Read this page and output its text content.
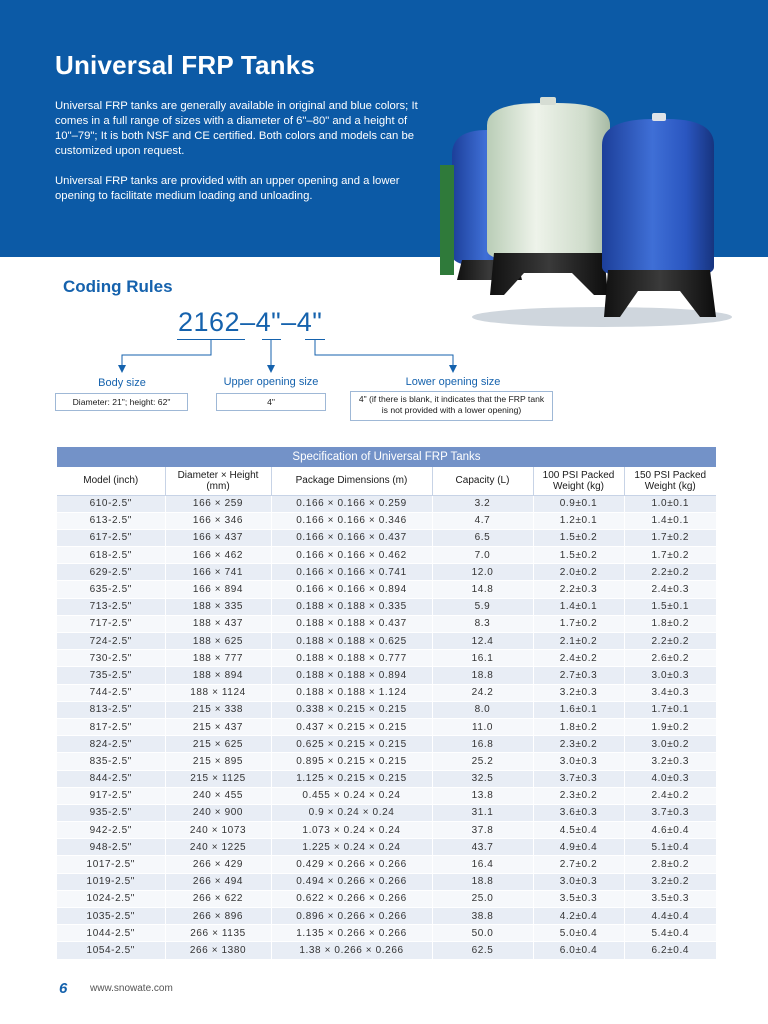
Universal FRP Tanks

Universal FRP tanks are generally available in original and blue colors; It comes in a full range of sizes with a diameter of 6"–80" and a height of 10"–79"; It is both NSF and CE certified. Both colors and models can be customized upon request.

Universal FRP tanks are provided with an upper opening and a lower opening to facilitate medium loading and unloading.

Coding Rules
2162–4"–4"
Body size	Upper opening size	Lower opening size
Diameter: 21"; height: 62"	4"	4" (if there is blank, it indicates that the FRP tank is not provided with a lower opening)
Specification of Universal FRP Tanks
Model (inch)	Diameter × Height (mm)	Package Dimensions (m)	Capacity (L)	100 PSI Packed Weight (kg)	150 PSI Packed Weight (kg)
610-2.5"	166 × 259	0.166 × 0.166 × 0.259	3.2	0.9±0.1	1.0±0.1
613-2.5"	166 × 346	0.166 × 0.166 × 0.346	4.7	1.2±0.1	1.4±0.1
617-2.5"	166 × 437	0.166 × 0.166 × 0.437	6.5	1.5±0.2	1.7±0.2
618-2.5"	166 × 462	0.166 × 0.166 × 0.462	7.0	1.5±0.2	1.7±0.2
629-2.5"	166 × 741	0.166 × 0.166 × 0.741	12.0	2.0±0.2	2.2±0.2
635-2.5"	166 × 894	0.166 × 0.166 × 0.894	14.8	2.2±0.3	2.4±0.3
713-2.5"	188 × 335	0.188 × 0.188 × 0.335	5.9	1.4±0.1	1.5±0.1
717-2.5"	188 × 437	0.188 × 0.188 × 0.437	8.3	1.7±0.2	1.8±0.2
724-2.5"	188 × 625	0.188 × 0.188 × 0.625	12.4	2.1±0.2	2.2±0.2
730-2.5"	188 × 777	0.188 × 0.188 × 0.777	16.1	2.4±0.2	2.6±0.2
735-2.5"	188 × 894	0.188 × 0.188 × 0.894	18.8	2.7±0.3	3.0±0.3
744-2.5"	188 × 1124	0.188 × 0.188 × 1.124	24.2	3.2±0.3	3.4±0.3
813-2.5"	215 × 338	0.338 × 0.215 × 0.215	8.0	1.6±0.1	1.7±0.1
817-2.5"	215 × 437	0.437 × 0.215 × 0.215	11.0	1.8±0.2	1.9±0.2
824-2.5"	215 × 625	0.625 × 0.215 × 0.215	16.8	2.3±0.2	3.0±0.2
835-2.5"	215 × 895	0.895 × 0.215 × 0.215	25.2	3.0±0.3	3.2±0.3
844-2.5"	215 × 1125	1.125 × 0.215 × 0.215	32.5	3.7±0.3	4.0±0.3
917-2.5"	240 × 455	0.455 × 0.24 × 0.24	13.8	2.3±0.2	2.4±0.2
935-2.5"	240 × 900	0.9 × 0.24 × 0.24	31.1	3.6±0.3	3.7±0.3
942-2.5"	240 × 1073	1.073 × 0.24 × 0.24	37.8	4.5±0.4	4.6±0.4
948-2.5"	240 × 1225	1.225 × 0.24 × 0.24	43.7	4.9±0.4	5.1±0.4
1017-2.5"	266 × 429	0.429 × 0.266 × 0.266	16.4	2.7±0.2	2.8±0.2
1019-2.5"	266 × 494	0.494 × 0.266 × 0.266	18.8	3.0±0.3	3.2±0.2
1024-2.5"	266 × 622	0.622 × 0.266 × 0.266	25.0	3.5±0.3	3.5±0.3
1035-2.5"	266 × 896	0.896 × 0.266 × 0.266	38.8	4.2±0.4	4.4±0.4
1044-2.5"	266 × 1135	1.135 × 0.266 × 0.266	50.0	5.0±0.4	5.4±0.4
1054-2.5"	266 × 1380	1.38 × 0.266 × 0.266	62.5	6.0±0.4	6.2±0.4
6 www.snowate.com
